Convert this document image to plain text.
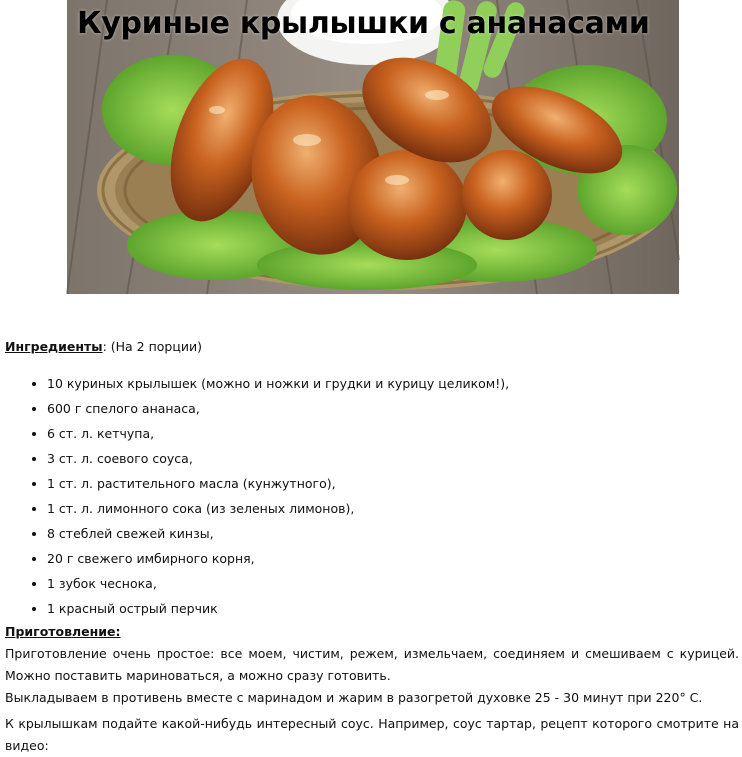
Куриные крылышки с ананасами

Ингредиенты: (На 2 порции)

• 10 куриных крылышек (можно и ножки и грудки и курицу целиком!),
• 600 г спелого ананаса,
• 6 ст. л. кетчупа,
• 3 ст. л. соевого соуса,
• 1 ст. л. растительного масла (кунжутного),
• 1 ст. л. лимонного сока (из зеленых лимонов),
• 8 стеблей свежей кинзы,
• 20 г свежего имбирного корня,
• 1 зубок чеснока,
• 1 красный острый перчик

Приготовление:

Приготовление очень простое: все моем, чистим, режем, измельчаем, соединяем и смешиваем с курицей. Можно поставить мариноваться, а можно сразу готовить.

Выкладываем в противень вместе с маринадом и жарим в разогретой духовке 25 - 30 минут при 220° С.

К крылышкам подайте какой-нибудь интересный соус. Например, соус тартар, рецепт которого смотрите на видео:
